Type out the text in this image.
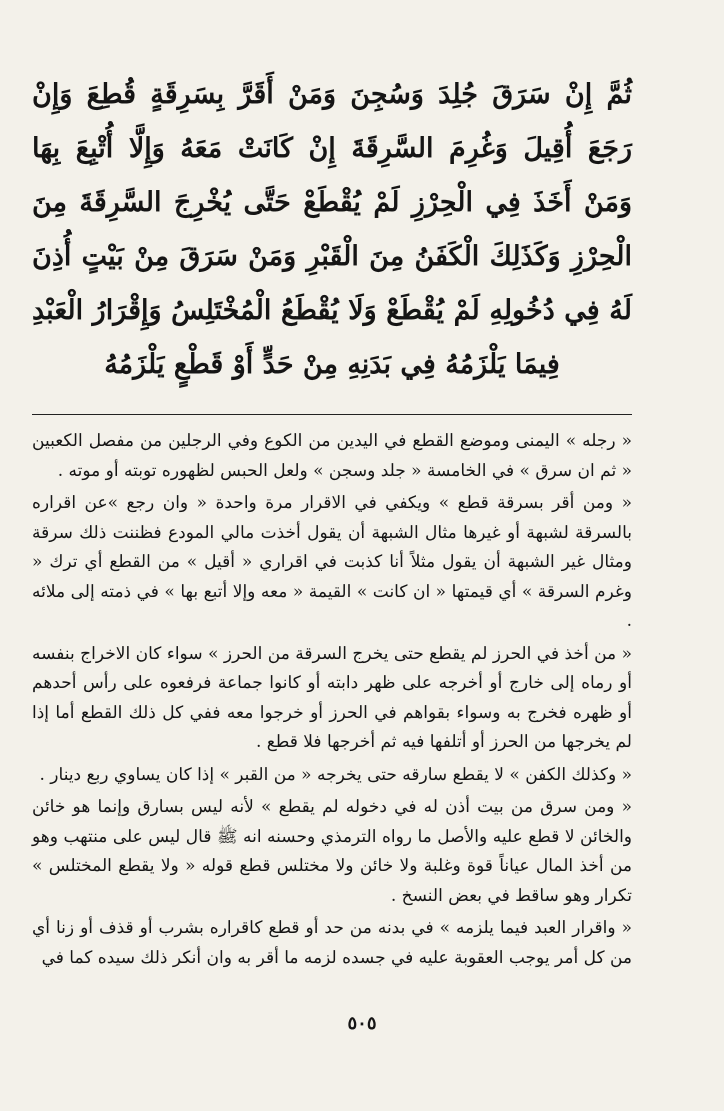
ثُمَّ إِنْ سَرَقَ جُلِدَ وَسُجِنَ وَمَنْ أَقَرَّ بِسَرِقَةٍ قُطِعَ وَإِنْ رَجَعَ أُقِيلَ وَغُرِمَ السَّرِقَةَ إِنْ كَانَتْ مَعَهُ وَإِلَّا أُتْبِعَ بِهَا وَمَنْ أَخَذَ فِي الْحِرْزِ لَمْ يُقْطَعْ حَتَّى يُخْرِجَ السَّرِقَةَ مِنَ الْحِرْزِ وَكَذَلِكَ الْكَفَنُ مِنَ الْقَبْرِ وَمَنْ سَرَقَ مِنْ بَيْتٍ أُذِنَ لَهُ فِي دُخُولِهِ لَمْ يُقْطَعْ وَلَا يُقْطَعُ الْمُخْتَلِسُ وَإِقْرَارُ الْعَبْدِ فِيمَا يَلْزَمُهُ فِي بَدَنِهِ مِنْ حَدٍّ أَوْ قَطْعٍ يَلْزَمُهُ

« رجله » اليمنى وموضع القطع في اليدين من الكوع وفي الرجلين من مفصل الكعبين « ثم ان سرق » في الخامسة « جلد وسجن » ولعل الحبس لظهوره توبته أو موته .

« ومن أقر بسرقة قطع » ويكفي في الاقرار مرة واحدة « وان رجع »عن اقراره بالسرقة لشبهة أو غيرها مثال الشبهة أن يقول أخذت مالي المودع فظننت ذلك سرقة ومثال غير الشبهة أن يقول مثلاً أنا كذبت في اقراري « أقيل » من القطع أي ترك « وغرم السرقة » أي قيمتها « ان كانت » القيمة « معه وإلا أتبع بها » في ذمته إلى ملائه .

« من أخذ في الحرز لم يقطع حتى يخرج السرقة من الحرز » سواء كان الاخراج بنفسه أو رماه إلى خارج أو أخرجه على ظهر دابته أو كانوا جماعة فرفعوه على رأس أحدهم أو ظهره فخرج به وسواء بقواهم في الحرز أو خرجوا معه ففي كل ذلك القطع أما إذا لم يخرجها من الحرز أو أتلفها فيه ثم أخرجها فلا قطع .

« وكذلك الكفن » لا يقطع سارقه حتى يخرجه « من القبر » إذا كان يساوي ربع دينار .

« ومن سرق من بيت أذن له في دخوله لم يقطع » لأنه ليس بسارق وإنما هو خائن والخائن لا قطع عليه والأصل ما رواه الترمذي وحسنه انه ﷺ قال ليس على منتهب وهو من أخذ المال عياناً قوة وغلبة ولا خائن ولا مختلس قطع قوله « ولا يقطع المختلس » تكرار وهو ساقط في بعض النسخ .

« واقرار العبد فيما يلزمه » في بدنه من حد أو قطع كاقراره بشرب أو قذف أو زنا أي من كل أمر يوجب العقوبة عليه في جسده لزمه ما أقر به وان أنكر ذلك سيده كما في

٥٠٥
